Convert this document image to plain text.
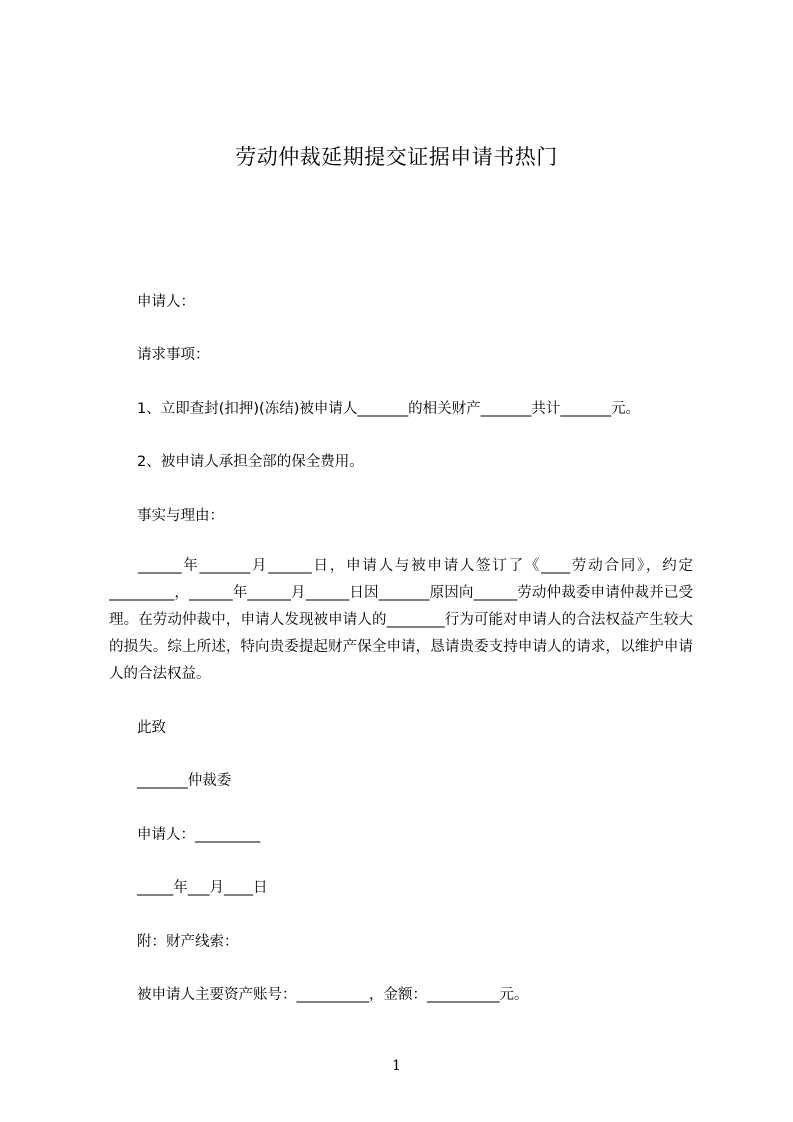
劳动仲裁延期提交证据申请书热门
申请人：
请求事项：
1、立即查封(扣押)(冻结)被申请人_______的相关财产_______共计_______元。
2、被申请人承担全部的保全费用。
事实与理由：
______年_______月______日，申请人与被申请人签订了《____劳动合同》，约定_________，______年______月______日因_______原因向______劳动仲裁委申请仲裁并已受理。在劳动仲裁中，申请人发现被申请人的________行为可能对申请人的合法权益产生较大的损失。综上所述，特向贵委提起财产保全申请，恳请贵委支持申请人的请求，以维护申请人的合法权益。
此致
_______仲裁委
申请人：_________
_____年___月____日
附：财产线索：
被申请人主要资产账号：__________，金额：__________元。
1
